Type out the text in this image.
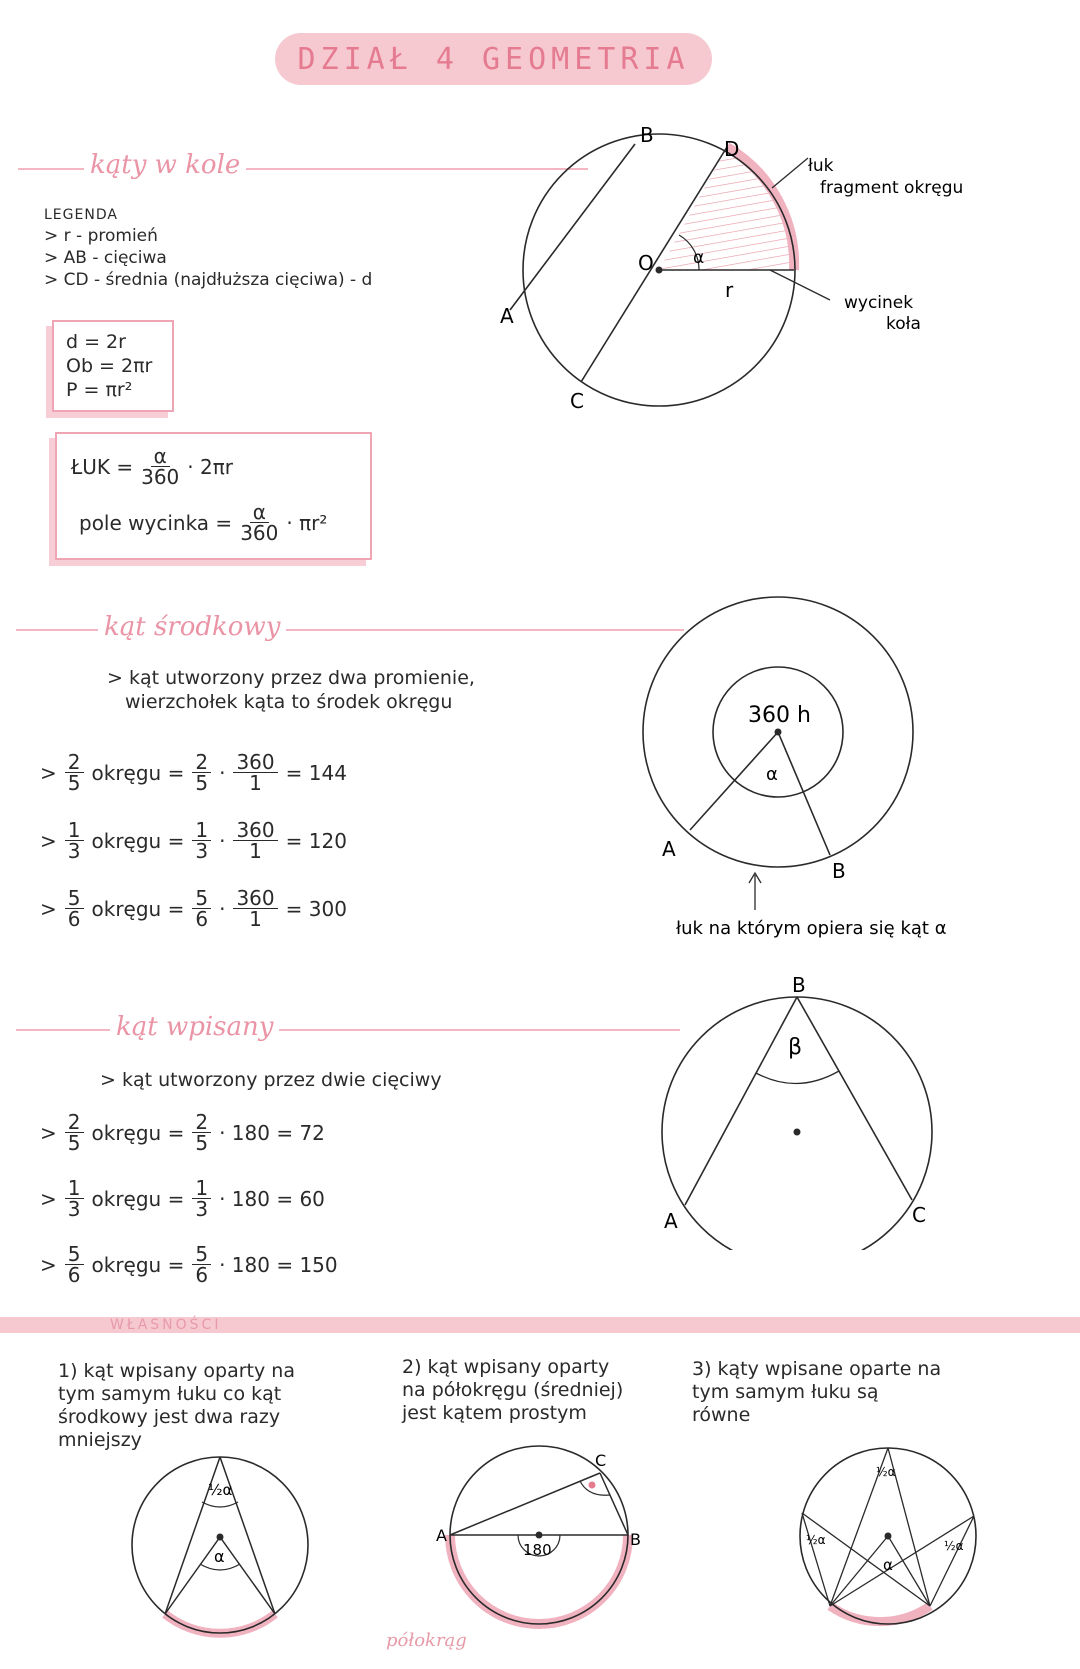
DZIAŁ 4 GEOMETRIA
kąty w kole
LEGENDA
> r - promień
> AB - cięciwa
> CD - średnia (najdłuższa cięciwa) - d
d = 2r
Ob = 2πr
P = πr²
ŁUK = $\frac{\alpha}{360} \cdot 2\pi r$
pole wycinka = $\frac{\alpha}{360} \cdot \pi r^2$
A
B
C
D
O α
r
łuk
fragment okręgu
wycinek
koła
kąt środkowy
> kąt utworzony przez dwa promienie,
wierzchołek kąta to środek okręgu
> $\frac{2}{5}$ okręgu = $\frac{2}{5} \cdot \frac{360}{1} = 144$
> $\frac{1}{3}$ okręgu = $\frac{1}{3} \cdot \frac{360}{1} = 120$
> $\frac{5}{6}$ okręgu = $\frac{5}{6} \cdot \frac{360}{1} = 300$
360 h
α
A
B
łuk na którym opiera się kąt α
kąt wpisany
> kąt utworzony przez dwie cięciwy
> $\frac{2}{5}$ okręgu = $\frac{2}{5} \cdot 180 = 72$
> $\frac{1}{3}$ okręgu = $\frac{1}{3} \cdot 180 = 60$
> $\frac{5}{6}$ okręgu = $\frac{5}{6} \cdot 180 = 150$
β
A
B
C
WŁASNOŚCI
1) kąt wpisany oparty na
tym samym łuku co kąt
środkowy jest dwa razy
mniejszy
2) kąt wpisany oparty
na półokręgu (średniej)
jest kątem prostym
3) kąty wpisane oparte na
tym samym łuku są
równe
½α
α
A	B
C
180
półokrąg
½α
½α	½α
α
